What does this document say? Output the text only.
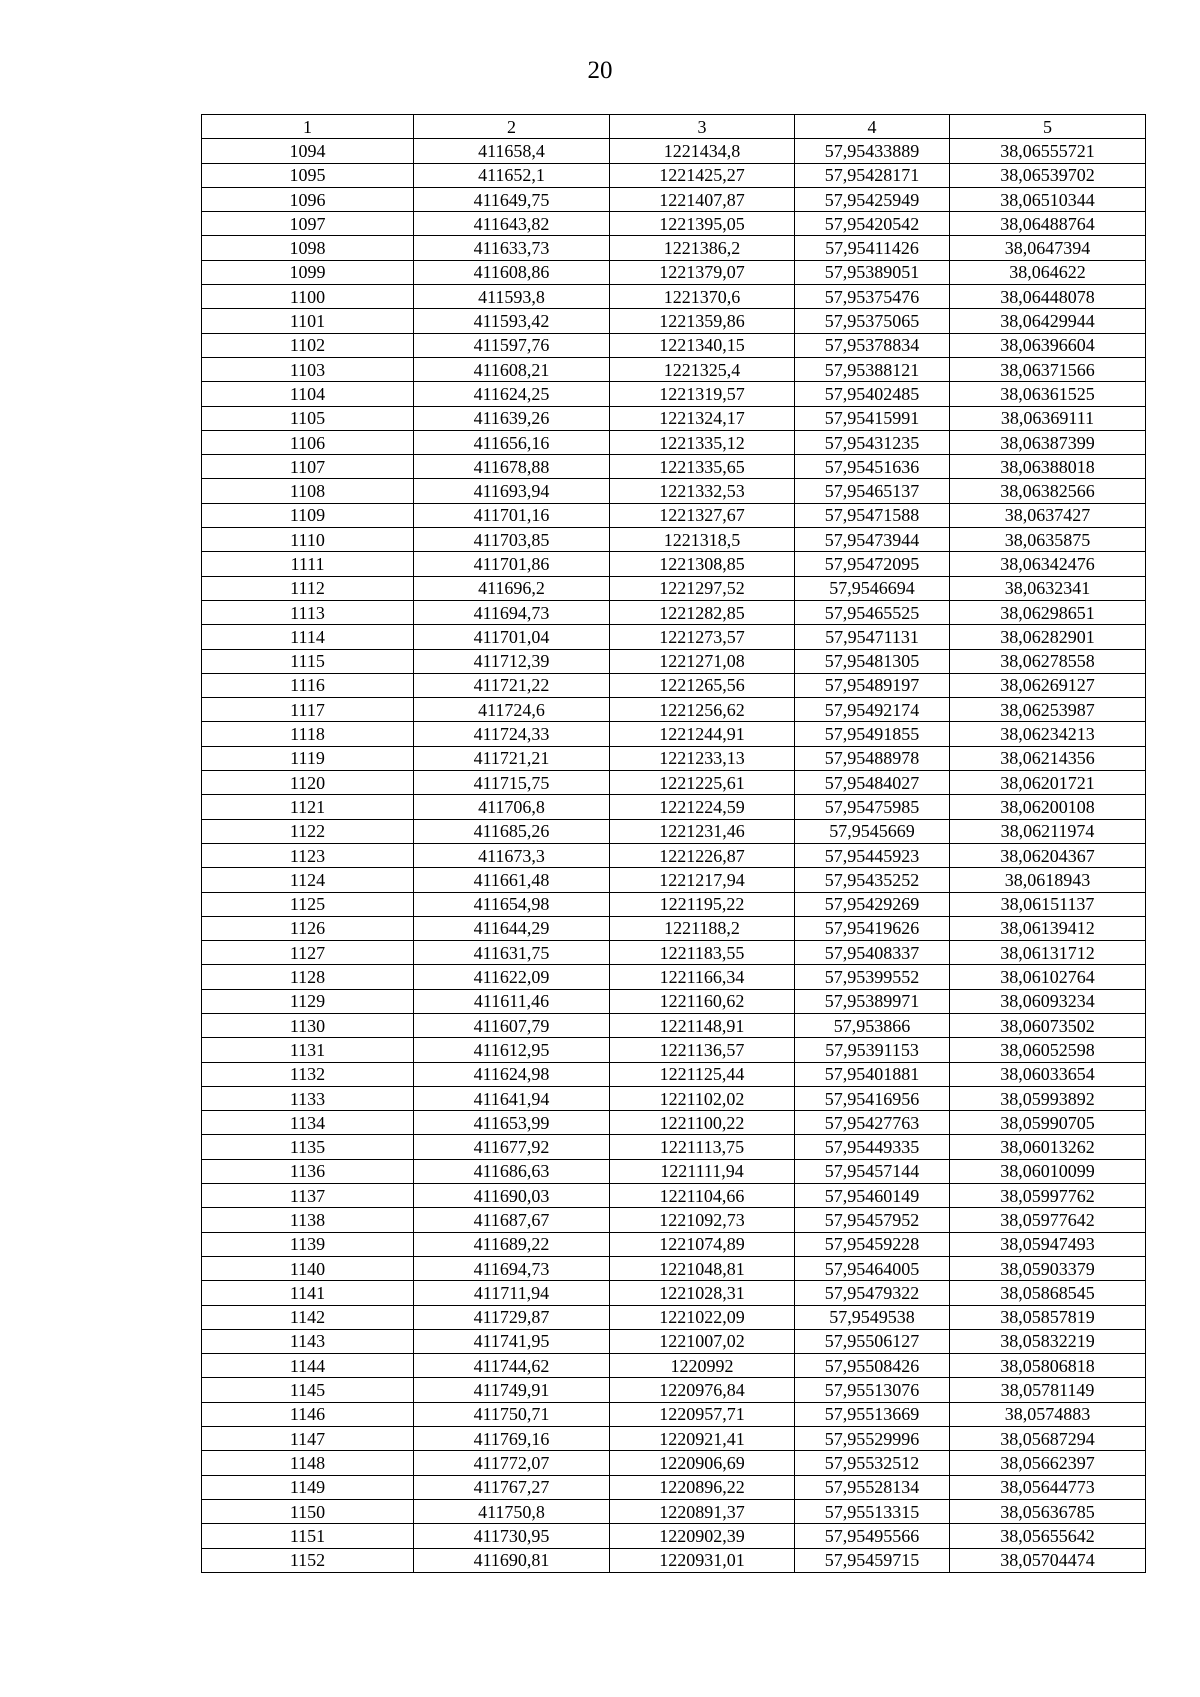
20
1	2	3	4	5
1094	411658,4	1221434,8	57,95433889	38,06555721
1095	411652,1	1221425,27	57,95428171	38,06539702
1096	411649,75	1221407,87	57,95425949	38,06510344
1097	411643,82	1221395,05	57,95420542	38,06488764
1098	411633,73	1221386,2	57,95411426	38,0647394
1099	411608,86	1221379,07	57,95389051	38,064622
1100	411593,8	1221370,6	57,95375476	38,06448078
1101	411593,42	1221359,86	57,95375065	38,06429944
1102	411597,76	1221340,15	57,95378834	38,06396604
1103	411608,21	1221325,4	57,95388121	38,06371566
1104	411624,25	1221319,57	57,95402485	38,06361525
1105	411639,26	1221324,17	57,95415991	38,06369111
1106	411656,16	1221335,12	57,95431235	38,06387399
1107	411678,88	1221335,65	57,95451636	38,06388018
1108	411693,94	1221332,53	57,95465137	38,06382566
1109	411701,16	1221327,67	57,95471588	38,0637427
1110	411703,85	1221318,5	57,95473944	38,0635875
1111	411701,86	1221308,85	57,95472095	38,06342476
1112	411696,2	1221297,52	57,9546694	38,0632341
1113	411694,73	1221282,85	57,95465525	38,06298651
1114	411701,04	1221273,57	57,95471131	38,06282901
1115	411712,39	1221271,08	57,95481305	38,06278558
1116	411721,22	1221265,56	57,95489197	38,06269127
1117	411724,6	1221256,62	57,95492174	38,06253987
1118	411724,33	1221244,91	57,95491855	38,06234213
1119	411721,21	1221233,13	57,95488978	38,06214356
1120	411715,75	1221225,61	57,95484027	38,06201721
1121	411706,8	1221224,59	57,95475985	38,06200108
1122	411685,26	1221231,46	57,9545669	38,06211974
1123	411673,3	1221226,87	57,95445923	38,06204367
1124	411661,48	1221217,94	57,95435252	38,0618943
1125	411654,98	1221195,22	57,95429269	38,06151137
1126	411644,29	1221188,2	57,95419626	38,06139412
1127	411631,75	1221183,55	57,95408337	38,06131712
1128	411622,09	1221166,34	57,95399552	38,06102764
1129	411611,46	1221160,62	57,95389971	38,06093234
1130	411607,79	1221148,91	57,953866	38,06073502
1131	411612,95	1221136,57	57,95391153	38,06052598
1132	411624,98	1221125,44	57,95401881	38,06033654
1133	411641,94	1221102,02	57,95416956	38,05993892
1134	411653,99	1221100,22	57,95427763	38,05990705
1135	411677,92	1221113,75	57,95449335	38,06013262
1136	411686,63	1221111,94	57,95457144	38,06010099
1137	411690,03	1221104,66	57,95460149	38,05997762
1138	411687,67	1221092,73	57,95457952	38,05977642
1139	411689,22	1221074,89	57,95459228	38,05947493
1140	411694,73	1221048,81	57,95464005	38,05903379
1141	411711,94	1221028,31	57,95479322	38,05868545
1142	411729,87	1221022,09	57,9549538	38,05857819
1143	411741,95	1221007,02	57,95506127	38,05832219
1144	411744,62	1220992	57,95508426	38,05806818
1145	411749,91	1220976,84	57,95513076	38,05781149
1146	411750,71	1220957,71	57,95513669	38,0574883
1147	411769,16	1220921,41	57,95529996	38,05687294
1148	411772,07	1220906,69	57,95532512	38,05662397
1149	411767,27	1220896,22	57,95528134	38,05644773
1150	411750,8	1220891,37	57,95513315	38,05636785
1151	411730,95	1220902,39	57,95495566	38,05655642
1152	411690,81	1220931,01	57,95459715	38,05704474
